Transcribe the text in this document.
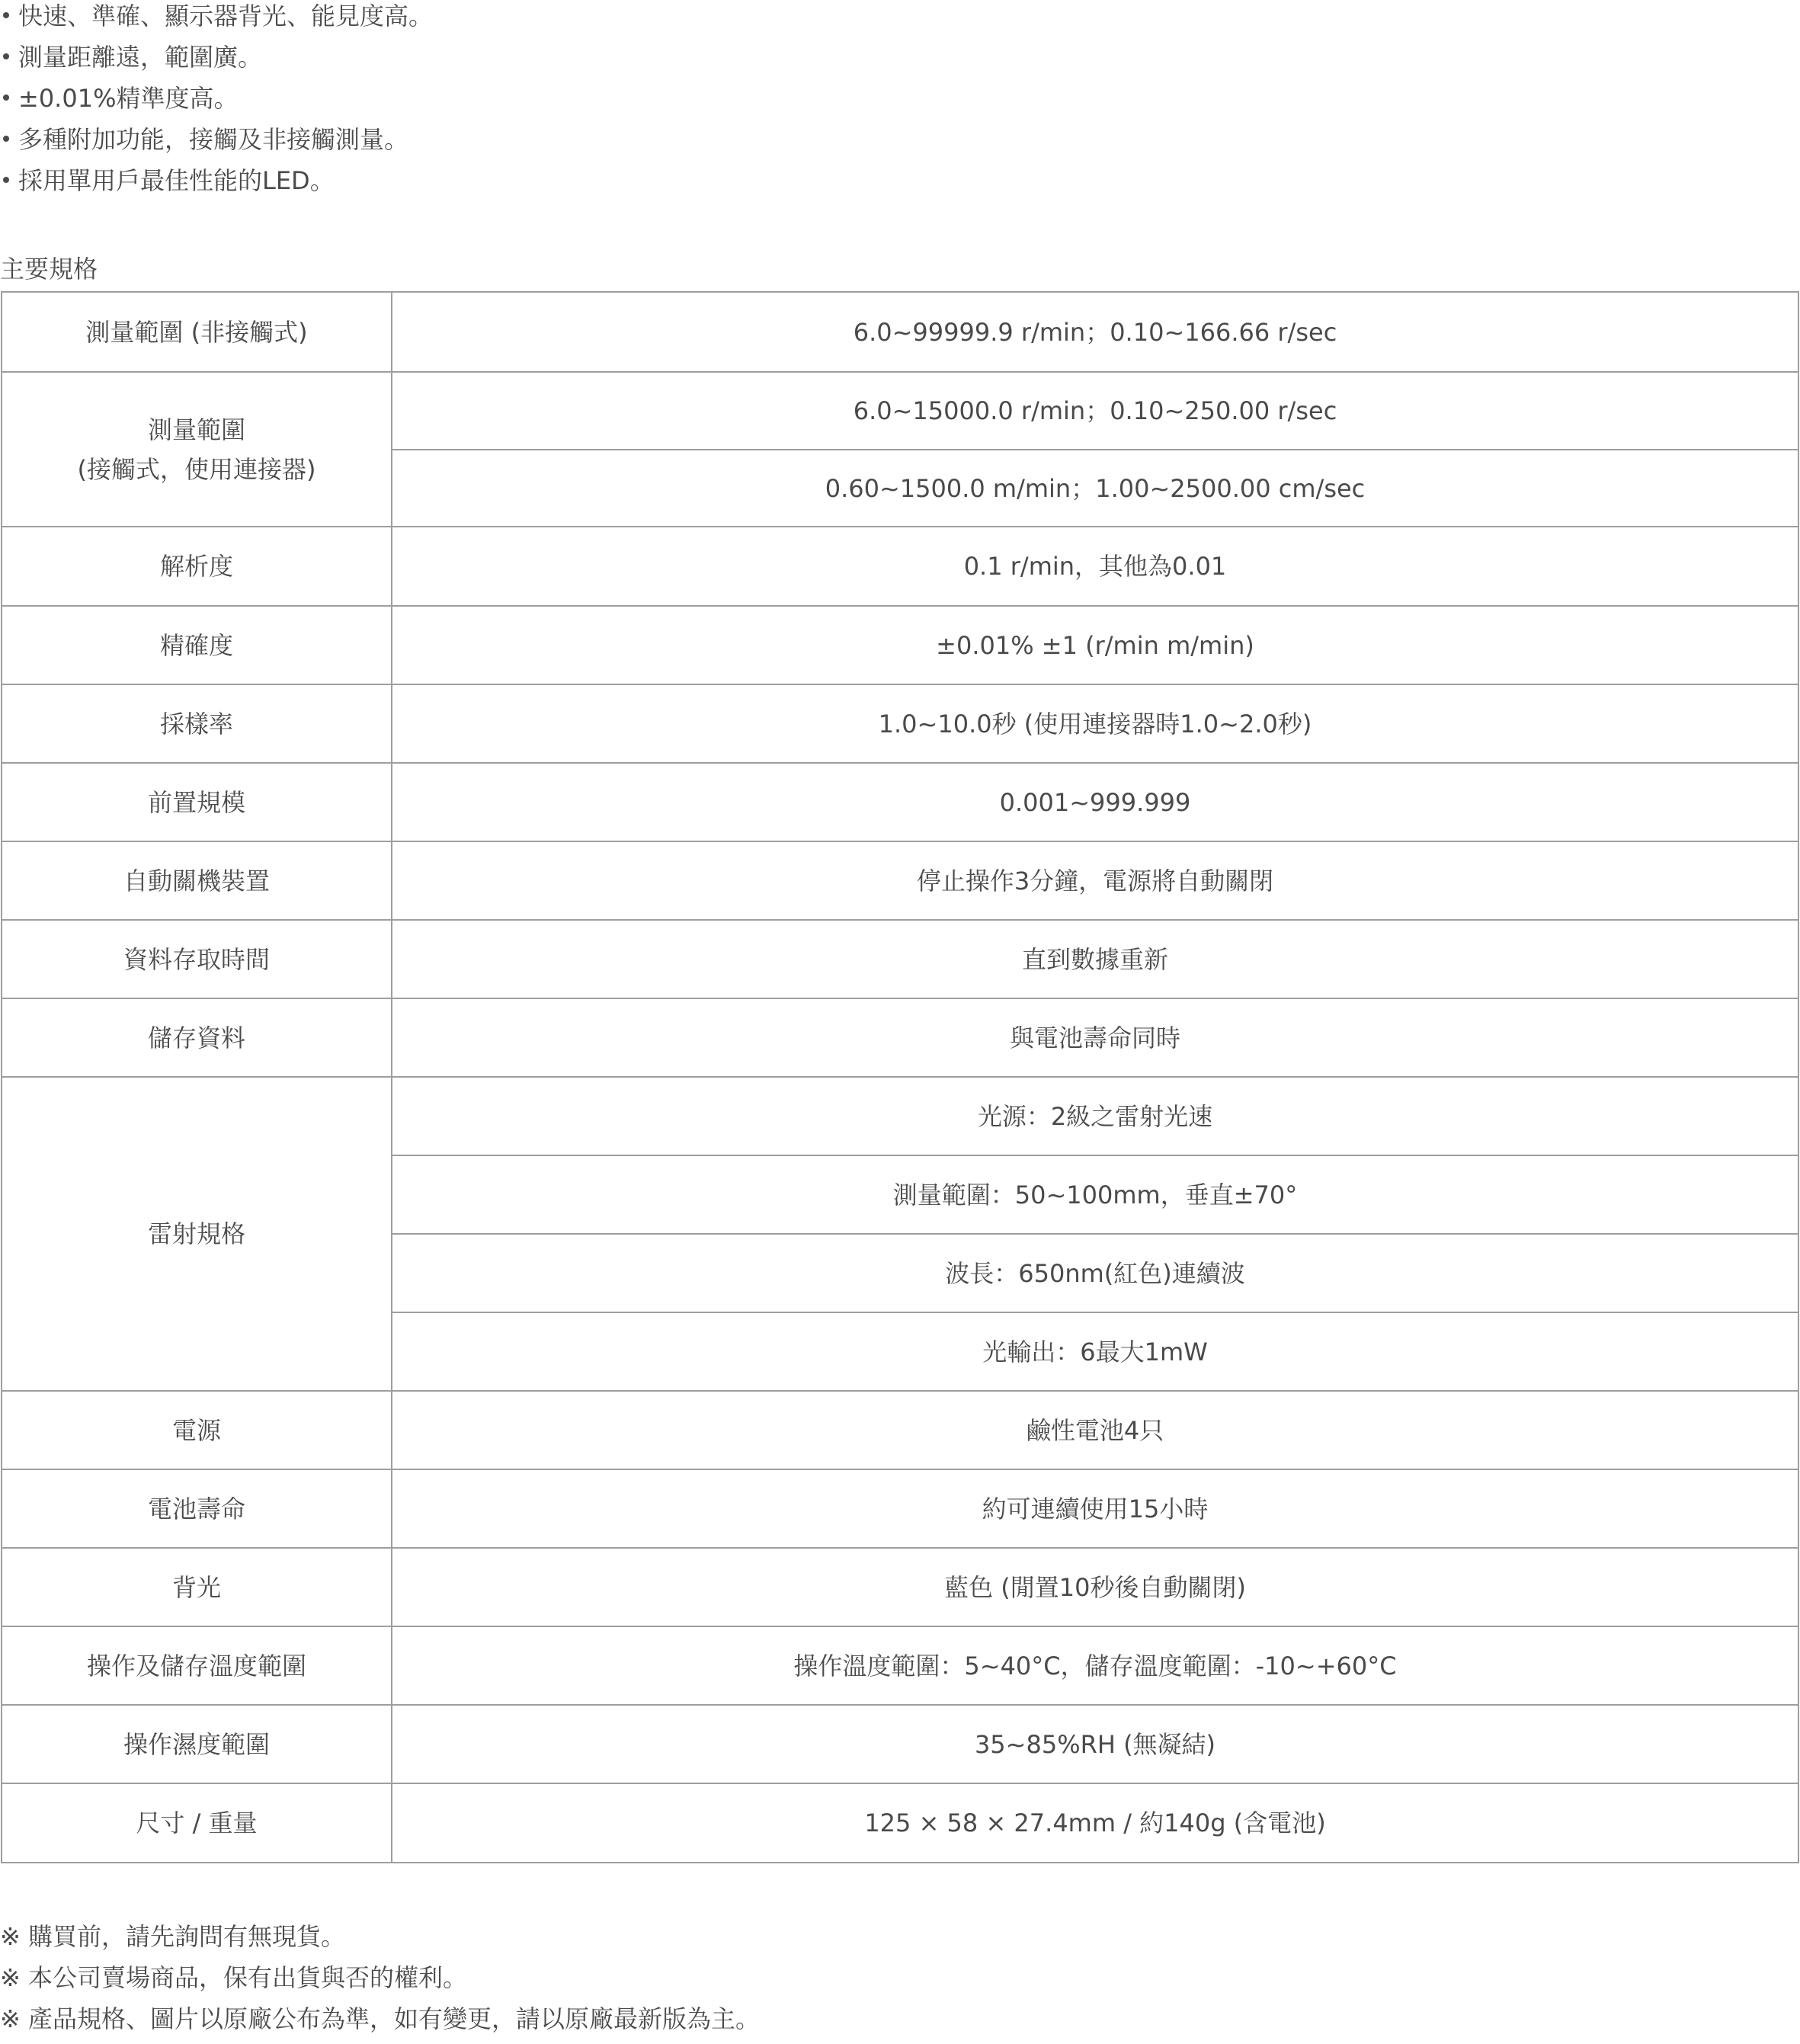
快速、準確、顯示器背光、能見度高。
測量距離遠，範圍廣。
±0.01%精準度高。
多種附加功能，接觸及非接觸測量。
採用單用戶最佳性能的LED。
主要規格
測量範圍 (非接觸式)	6.0~99999.9 r/min；0.10~166.66 r/sec

測量範圍
(接觸式，使用連接器)	6.0~15000.0 r/min；0.10~250.00 r/sec
	0.60~1500.0 m/min；1.00~2500.00 cm/sec
解析度	0.1 r/min，其他為0.01
精確度	±0.01% ±1 (r/min m/min)
採樣率	1.0~10.0秒 (使用連接器時1.0~2.0秒)
前置規模	0.001~999.999
自動關機裝置	停止操作3分鐘，電源將自動關閉
資料存取時間	直到數據重新
儲存資料	與電池壽命同時
雷射規格	光源：2級之雷射光速
	測量範圍：50~100mm，垂直±70°
	波長：650nm(紅色)連續波
	光輸出：6最大1mW
電源	鹼性電池4只
電池壽命	約可連續使用15小時
背光	藍色 (閒置10秒後自動關閉)
操作及儲存溫度範圍	操作溫度範圍：5~40°C，儲存溫度範圍：-10~+60°C
操作濕度範圍	35~85%RH (無凝結)
尺寸 / 重量	125 × 58 × 27.4mm / 約140g (含電池)
※ 購買前，請先詢問有無現貨。
※ 本公司賣場商品，保有出貨與否的權利。
※ 產品規格、圖片以原廠公布為準，如有變更，請以原廠最新版為主。
